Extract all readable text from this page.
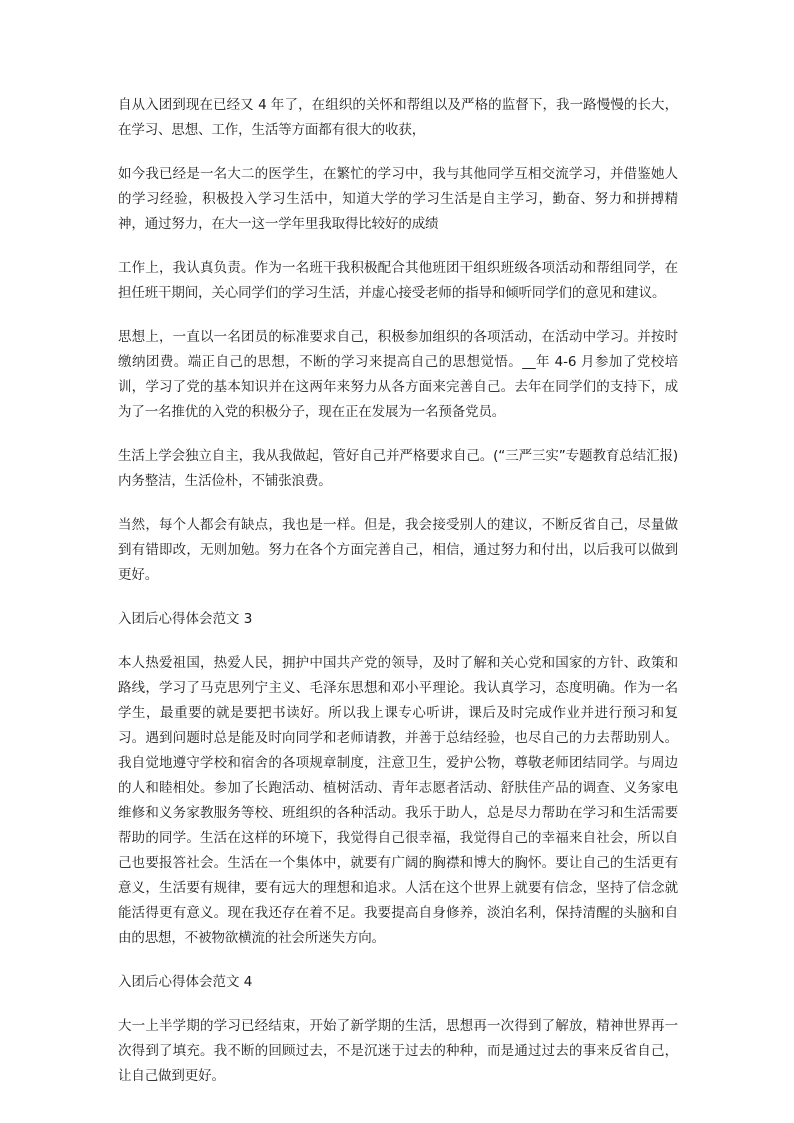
自从入团到现在已经又 4 年了，在组织的关怀和帮组以及严格的监督下，我一路慢慢的长大，在学习、思想、工作，生活等方面都有很大的收获，

如今我已经是一名大二的医学生，在繁忙的学习中，我与其他同学互相交流学习，并借鉴她人的学习经验，积极投入学习生活中，知道大学的学习生活是自主学习，勤奋、努力和拼搏精神，通过努力，在大一这一学年里我取得比较好的成绩

工作上，我认真负责。作为一名班干我积极配合其他班团干组织班级各项活动和帮组同学，在担任班干期间，关心同学们的学习生活，并虚心接受老师的指导和倾听同学们的意见和建议。

思想上，一直以一名团员的标准要求自己，积极参加组织的各项活动，在活动中学习。并按时缴纳团费。端正自己的思想，不断的学习来提高自己的思想觉悟。__年 4-6 月参加了党校培训，学习了党的基本知识并在这两年来努力从各方面来完善自己。去年在同学们的支持下，成为了一名推优的入党的积极分子，现在正在发展为一名预备党员。

生活上学会独立自主，我从我做起，管好自己并严格要求自己。(“三严三实”专题教育总结汇报)内务整洁，生活俭朴，不铺张浪费。

当然，每个人都会有缺点，我也是一样。但是，我会接受别人的建议，不断反省自己，尽量做到有错即改，无则加勉。努力在各个方面完善自己，相信，通过努力和付出，以后我可以做到更好。

入团后心得体会范文 3

本人热爱祖国，热爱人民，拥护中国共产党的领导，及时了解和关心党和国家的方针、政策和路线，学习了马克思列宁主义、毛泽东思想和邓小平理论。我认真学习，态度明确。作为一名学生，最重要的就是要把书读好。所以我上课专心听讲，课后及时完成作业并进行预习和复习。遇到问题时总是能及时向同学和老师请教，并善于总结经验，也尽自己的力去帮助别人。我自觉地遵守学校和宿舍的各项规章制度，注意卫生，爱护公物，尊敬老师团结同学。与周边的人和睦相处。参加了长跑活动、植树活动、青年志愿者活动、舒肤佳产品的调查、义务家电维修和义务家教服务等校、班组织的各种活动。我乐于助人，总是尽力帮助在学习和生活需要帮助的同学。生活在这样的环境下，我觉得自己很幸福，我觉得自己的幸福来自社会，所以自己也要报答社会。生活在一个集体中，就要有广阔的胸襟和博大的胸怀。要让自己的生活更有意义，生活要有规律，要有远大的理想和追求。人活在这个世界上就要有信念，坚持了信念就能活得更有意义。现在我还存在着不足。我要提高自身修养，淡泊名利，保持清醒的头脑和自由的思想，不被物欲横流的社会所迷失方向。

入团后心得体会范文 4

大一上半学期的学习已经结束，开始了新学期的生活，思想再一次得到了解放，精神世界再一次得到了填充。我不断的回顾过去，不是沉迷于过去的种种，而是通过过去的事来反省自己，让自己做到更好。
